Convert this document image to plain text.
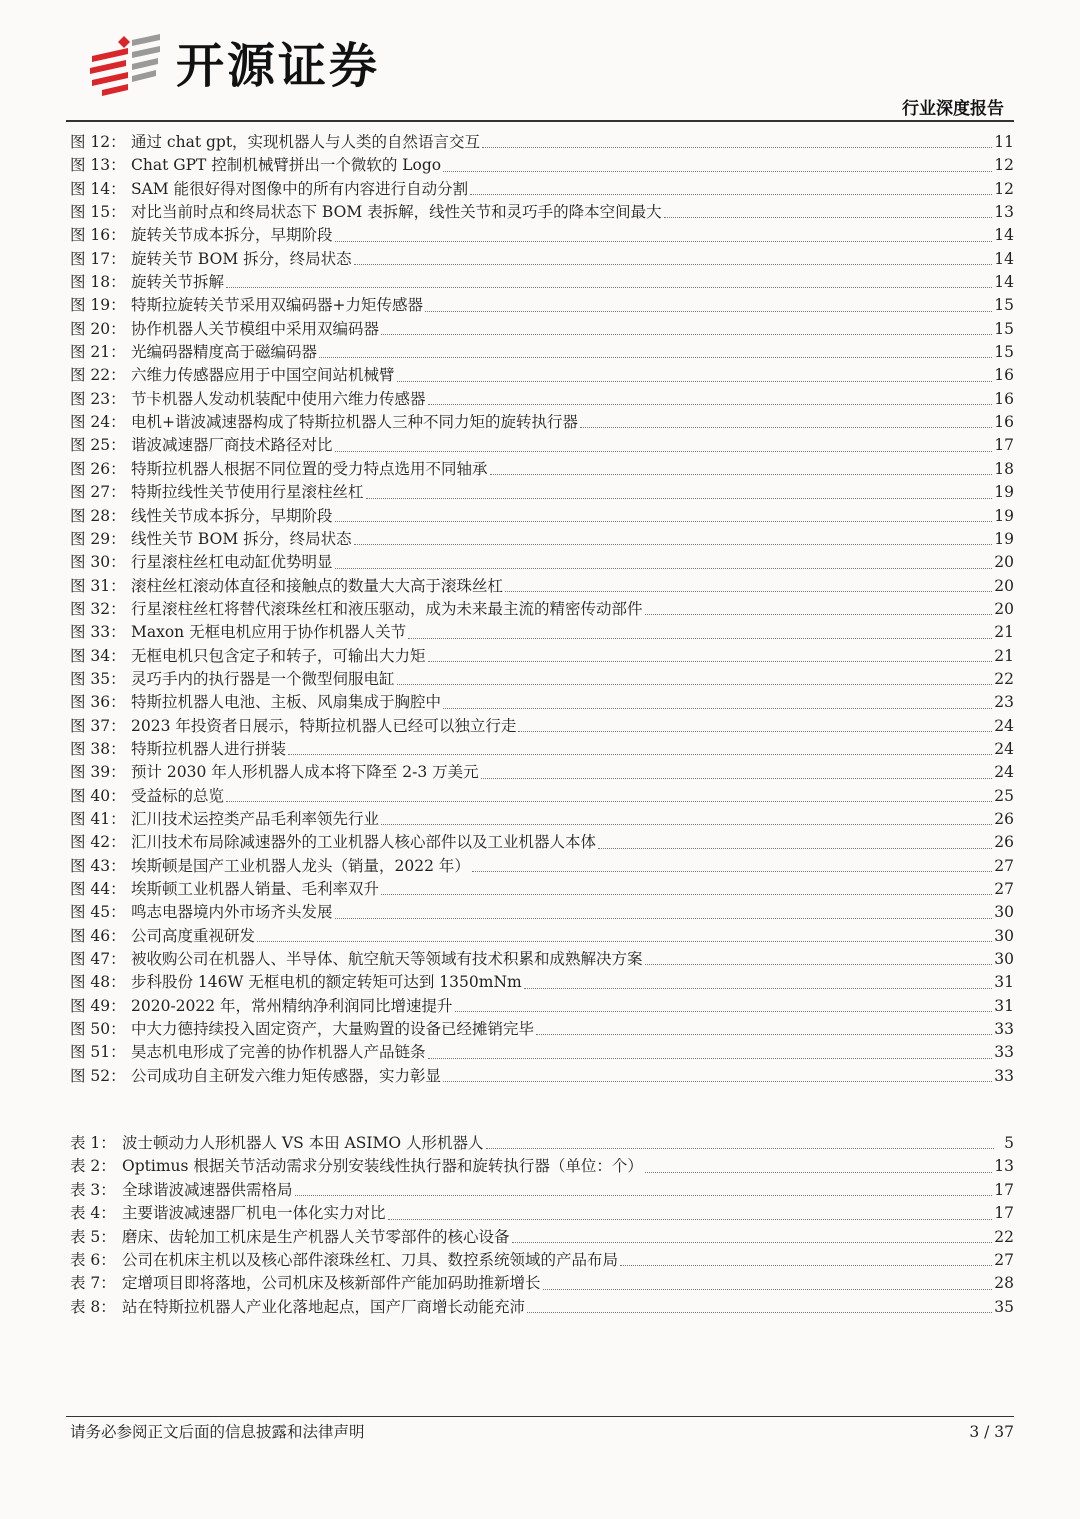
开源证券
行业深度报告
图 12： 通过 chat gpt，实现机器人与人类的自然语言交互	11
图 13： Chat GPT 控制机械臂拼出一个微软的 Logo	12
图 14： SAM 能很好得对图像中的所有内容进行自动分割	12
图 15： 对比当前时点和终局状态下 BOM 表拆解，线性关节和灵巧手的降本空间最大	13
图 16： 旋转关节成本拆分，早期阶段	14
图 17： 旋转关节 BOM 拆分，终局状态	14
图 18： 旋转关节拆解	14
图 19： 特斯拉旋转关节采用双编码器+力矩传感器	15
图 20： 协作机器人关节模组中采用双编码器	15
图 21： 光编码器精度高于磁编码器	15
图 22： 六维力传感器应用于中国空间站机械臂	16
图 23： 节卡机器人发动机装配中使用六维力传感器	16
图 24： 电机+谐波减速器构成了特斯拉机器人三种不同力矩的旋转执行器	16
图 25： 谐波减速器厂商技术路径对比	17
图 26： 特斯拉机器人根据不同位置的受力特点选用不同轴承	18
图 27： 特斯拉线性关节使用行星滚柱丝杠	19
图 28： 线性关节成本拆分，早期阶段	19
图 29： 线性关节 BOM 拆分，终局状态	19
图 30： 行星滚柱丝杠电动缸优势明显	20
图 31： 滚柱丝杠滚动体直径和接触点的数量大大高于滚珠丝杠	20
图 32： 行星滚柱丝杠将替代滚珠丝杠和液压驱动，成为未来最主流的精密传动部件	20
图 33： Maxon 无框电机应用于协作机器人关节	21
图 34： 无框电机只包含定子和转子，可输出大力矩	21
图 35： 灵巧手内的执行器是一个微型伺服电缸	22
图 36： 特斯拉机器人电池、主板、风扇集成于胸腔中	23
图 37： 2023 年投资者日展示，特斯拉机器人已经可以独立行走	24
图 38： 特斯拉机器人进行拼装	24
图 39： 预计 2030 年人形机器人成本将下降至 2-3 万美元	24
图 40： 受益标的总览	25
图 41： 汇川技术运控类产品毛利率领先行业	26
图 42： 汇川技术布局除减速器外的工业机器人核心部件以及工业机器人本体	26
图 43： 埃斯顿是国产工业机器人龙头（销量，2022 年）	27
图 44： 埃斯顿工业机器人销量、毛利率双升	27
图 45： 鸣志电器境内外市场齐头发展	30
图 46： 公司高度重视研发	30
图 47： 被收购公司在机器人、半导体、航空航天等领域有技术积累和成熟解决方案	30
图 48： 步科股份 146W 无框电机的额定转矩可达到 1350mNm	31
图 49： 2020-2022 年，常州精纳净利润同比增速提升	31
图 50： 中大力德持续投入固定资产，大量购置的设备已经摊销完毕	33
图 51： 昊志机电形成了完善的协作机器人产品链条	33
图 52： 公司成功自主研发六维力矩传感器，实力彰显	33
表 1： 波士顿动力人形机器人 VS 本田 ASIMO 人形机器人	5
表 2： Optimus 根据关节活动需求分别安装线性执行器和旋转执行器（单位：个）	13
表 3： 全球谐波减速器供需格局	17
表 4： 主要谐波减速器厂机电一体化实力对比	17
表 5： 磨床、齿轮加工机床是生产机器人关节零部件的核心设备	22
表 6： 公司在机床主机以及核心部件滚珠丝杠、刀具、数控系统领域的产品布局	27
表 7： 定增项目即将落地，公司机床及核新部件产能加码助推新增长	28
表 8： 站在特斯拉机器人产业化落地起点，国产厂商增长动能充沛	35
请务必参阅正文后面的信息披露和法律声明	3 / 37
